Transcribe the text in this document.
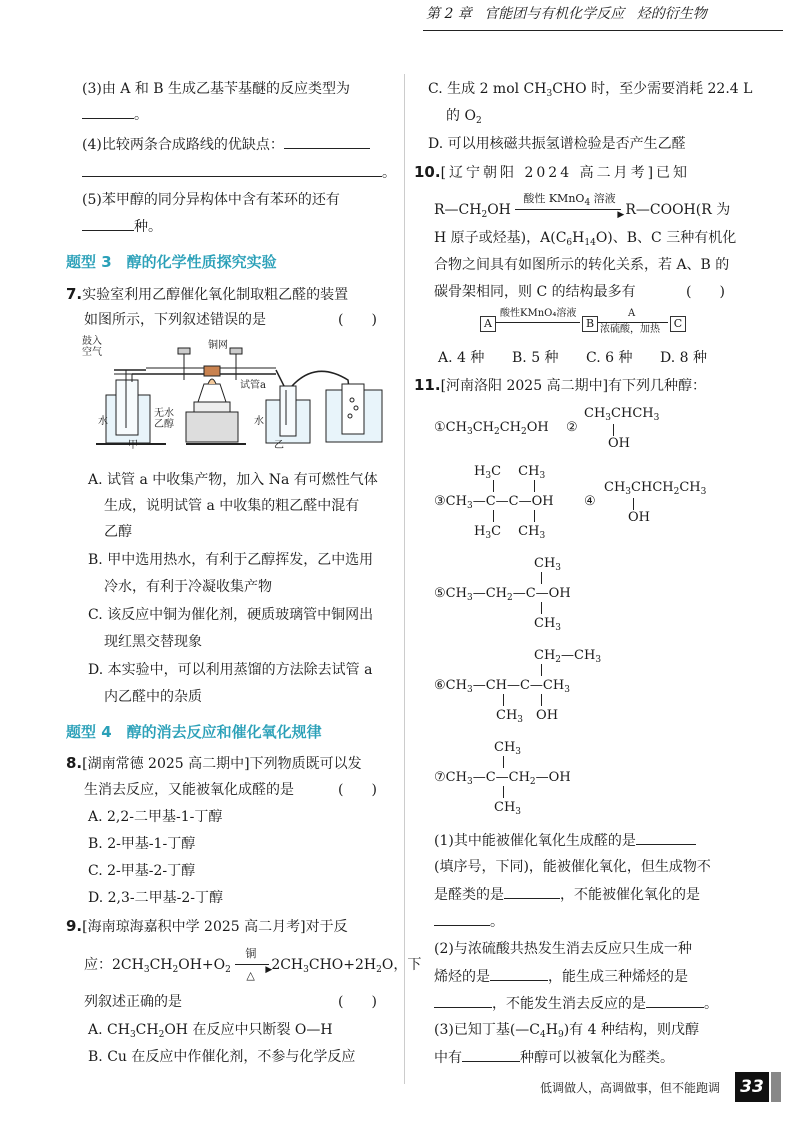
第 2 章 官能团与有机化学反应 烃的衍生物
(3)由 A 和 B 生成乙基苄基醚的反应类型为
。
(4)比较两条合成路线的优缺点：
。
(5)苯甲醇的同分异构体中含有苯环的还有
种。
题型 3　醇的化学性质探究实验
7.实验室利用乙醇催化氧化制取粗乙醛的装置
如图所示，下列叙述错误的是	(　　)
鼓入
空气
铜网
试管a
水
无水
乙醇
甲
水
乙
A. 试管 a 中收集产物，加入 Na 有可燃性气体
生成，说明试管 a 中收集的粗乙醛中混有
乙醇
B. 甲中选用热水，有利于乙醇挥发，乙中选用
冷水，有利于冷凝收集产物
C. 该反应中铜为催化剂，硬质玻璃管中铜网出
现红黑交替现象
D. 本实验中，可以利用蒸馏的方法除去试管 a
内乙醛中的杂质
题型 4　醇的消去反应和催化氧化规律
8.[湖南常德 2025 高二期中]下列物质既可以发
生消去反应，又能被氧化成醛的是	(　　)
A. 2,2-二甲基-1-丁醇
B. 2-甲基-1-丁醇
C. 2-甲基-2-丁醇
D. 2,3-二甲基-2-丁醇
9.[海南琼海嘉积中学 2025 高二月考]对于反
应：$2CH_3CH_2OH+O_2$
铜
▶
△
$2CH_3CHO+2H_2O$，下
列叙述正确的是	(　　)
A. $CH_3CH_2OH$ 在反应中只断裂 O—H
B. Cu 在反应中作催化剂，不参与化学反应
C. 生成 2 mol $CH_3CHO$ 时，至少需要消耗 22.4 L
的 $O_2$
D. 可以用核磁共振氢谱检验是否产生乙醛
10.[辽宁朝阳 2024 高二月考]已知
$R—CH_2OH$
酸性 KMnO$_4$ 溶液
▶ R—COOH(R 为
H 原子或烃基)，$A(C_6H_{14}O)$、B、C 三种有机化
合物之间具有如图所示的转化关系，若 A、B 的
碳骨架相同，则 C 的结构最多有	(　　)
A
酸性KMnO₄溶液
B
A
浓硫酸，加热	C
A. 4 种 B. 5 种 C. 6 种 D. 8 种
11.[河南洛阳 2025 高二期中]有下列几种醇：
$①CH_3CH_2CH_2OH$ ②
$CH_3CHCH_3$
OH
$H_3C$　 $CH_3$
$③CH_3—C—C—OH$
$H_3C$　 $CH_3$
④
$CH_3CHCH_2CH_3$
OH
$CH_3$
$⑤CH_3—CH_2—C—OH$
$CH_3$
$CH_2—CH_3$
$⑥CH_3—CH—C—CH_3$
$CH_3$　OH
$CH_3$
$⑦CH_3—C—CH_2—OH$
$CH_3$
(1)其中能被催化氧化生成醛的是
(填序号，下同)，能被催化氧化，但生成物不
是醛类的是	，不能被催化氧化的是
。
(2)与浓硫酸共热发生消去反应只生成一种
烯烃的是	，能生成三种烯烃的是
，不能发生消去反应的是	。
(3)已知丁基$(—C_4H_9)$有 4 种结构，则戊醇
中有	种醇可以被氧化为醛类。
33
低调做人，高调做事，但不能跑调
